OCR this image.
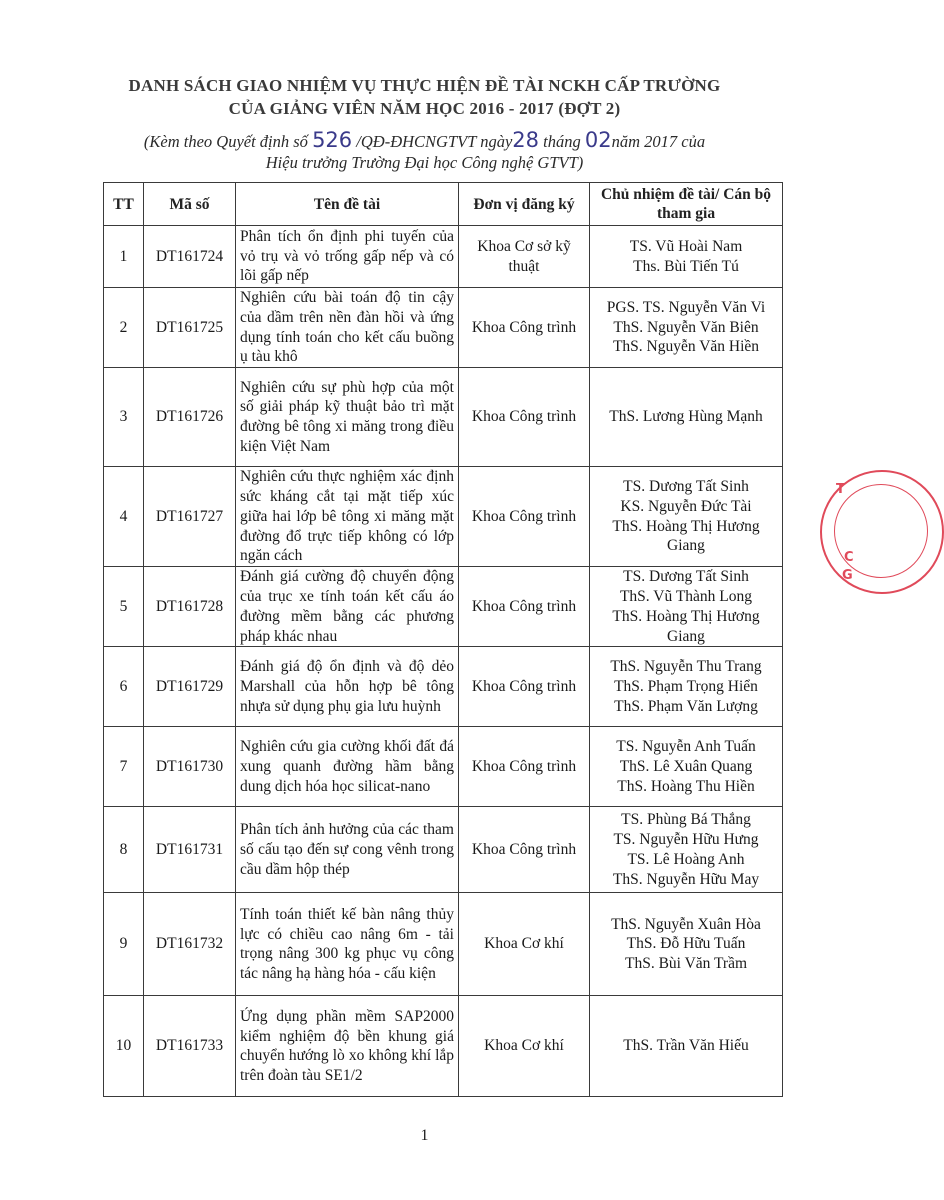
DANH SÁCH GIAO NHIỆM VỤ THỰC HIỆN ĐỀ TÀI NCKH CẤP TRƯỜNG
CỦA GIẢNG VIÊN NĂM HỌC 2016 - 2017 (ĐỢT 2)
(Kèm theo Quyết định số 526 /QĐ-ĐHCNGTVT ngày28 tháng 02năm 2017 của
Hiệu trưởng Trường Đại học Công nghệ GTVT)
TT	Mã số	Tên đề tài	Đơn vị đăng ký	Chủ nhiệm đề tài/ Cán bộ tham gia
1	DT161724	Phân tích ổn định phi tuyến của vỏ trụ và vỏ trống gấp nếp và có lõi gấp nếp	Khoa Cơ sở kỹ thuật	TS. Vũ Hoài Nam
Ths. Bùi Tiến Tú

2	DT161725	Nghiên cứu bài toán độ tin cậy của dầm trên nền đàn hồi và ứng dụng tính toán cho kết cấu buồng ụ tàu khô	Khoa Công trình	PGS. TS. Nguyễn Văn Vi
ThS. Nguyễn Văn Biên
ThS. Nguyễn Văn Hiền

3	DT161726	Nghiên cứu sự phù hợp của một số giải pháp kỹ thuật bảo trì mặt đường bê tông xi măng trong điều kiện Việt Nam	Khoa Công trình	ThS. Lương Hùng Mạnh

4	DT161727	Nghiên cứu thực nghiệm xác định sức kháng cắt tại mặt tiếp xúc giữa hai lớp bê tông xi măng mặt đường đổ trực tiếp không có lớp ngăn cách	Khoa Công trình	TS. Dương Tất Sinh
KS. Nguyễn Đức Tài
ThS. Hoàng Thị Hương Giang

5	DT161728	Đánh giá cường độ chuyển động của trục xe tính toán kết cấu áo đường mềm bằng các phương pháp khác nhau	Khoa Công trình	TS. Dương Tất Sinh
ThS. Vũ Thành Long
ThS. Hoàng Thị Hương Giang

6	DT161729	Đánh giá độ ổn định và độ dẻo Marshall của hỗn hợp bê tông nhựa sử dụng phụ gia lưu huỳnh	Khoa Công trình	ThS. Nguyễn Thu Trang
ThS. Phạm Trọng Hiển
ThS. Phạm Văn Lượng

7	DT161730	Nghiên cứu gia cường khối đất đá xung quanh đường hầm bằng dung dịch hóa học silicat-nano	Khoa Công trình	TS. Nguyễn Anh Tuấn
ThS. Lê Xuân Quang
ThS. Hoàng Thu Hiền

8	DT161731	Phân tích ảnh hưởng của các tham số cấu tạo đến sự cong vênh trong cầu dầm hộp thép	Khoa Công trình	TS. Phùng Bá Thắng
TS. Nguyễn Hữu Hưng
TS. Lê Hoàng Anh
ThS. Nguyễn Hữu May

9	DT161732	Tính toán thiết kế bàn nâng thủy lực có chiều cao nâng 6m - tải trọng nâng 300 kg phục vụ công tác nâng hạ hàng hóa - cấu kiện	Khoa Cơ khí	ThS. Nguyễn Xuân Hòa
ThS. Đỗ Hữu Tuấn
ThS. Bùi Văn Trầm

10	DT161733	Ứng dụng phần mềm SAP2000 kiểm nghiệm độ bền khung giá chuyển hướng lò xo không khí lắp trên đoàn tàu SE1/2	Khoa Cơ khí	ThS. Trần Văn Hiếu
T
C
G
1
